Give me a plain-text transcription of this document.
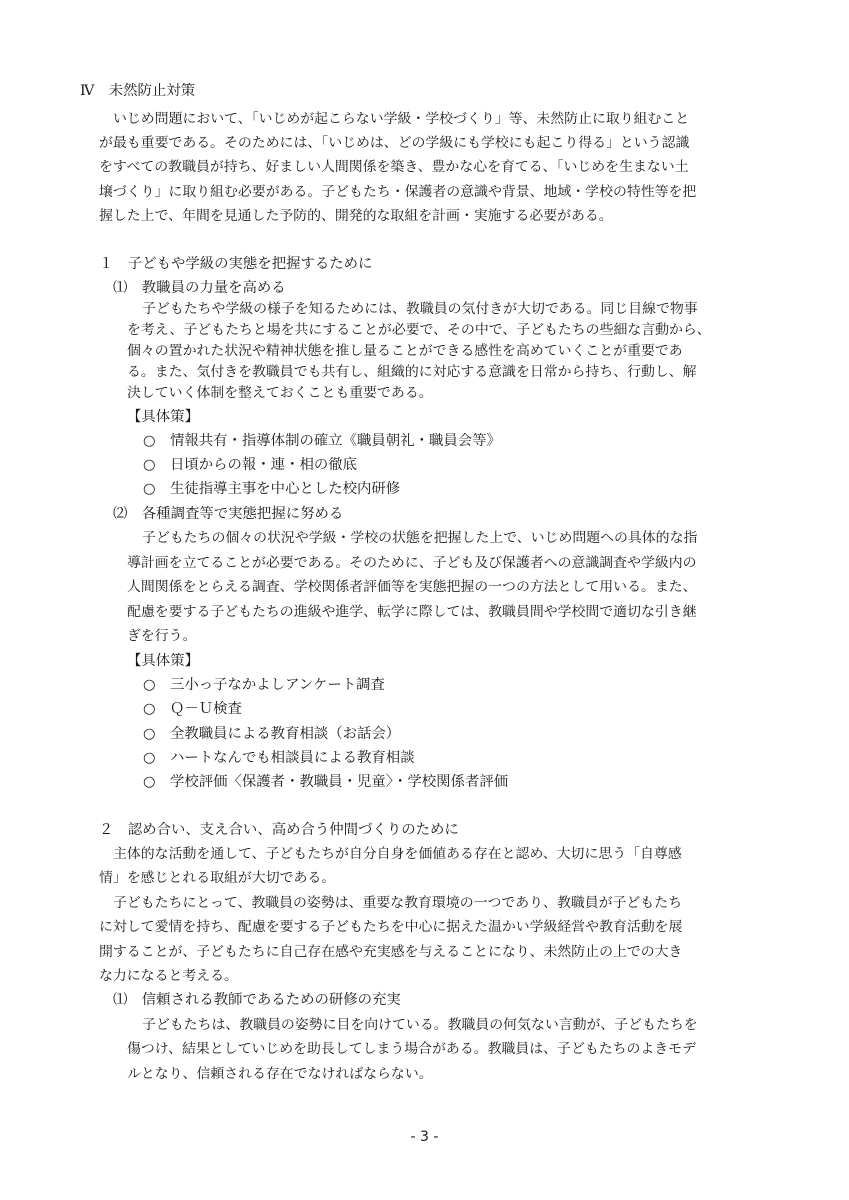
Ⅳ　未然防止対策

いじめ問題において、「いじめが起こらない学級・学校づくり」等、未然防止に取り組むこと

が最も重要である。そのためには、「いじめは、どの学級にも学校にも起こり得る」という認識

をすべての教職員が持ち、好ましい人間関係を築き、豊かな心を育てる、「いじめを生まない土

壌づくり」に取り組む必要がある。子どもたち・保護者の意識や背景、地域・学校の特性等を把

握した上で、年間を見通した予防的、開発的な取組を計画・実施する必要がある。

１　子どもや学級の実態を把握するために

⑴　教職員の力量を高める

子どもたちや学級の様子を知るためには、教職員の気付きが大切である。同じ目線で物事

を考え、子どもたちと場を共にすることが必要で、その中で、子どもたちの些細な言動から、

個々の置かれた状況や精神状態を推し量ることができる感性を高めていくことが重要であ

る。また、気付きを教職員でも共有し、組織的に対応する意識を日常から持ち、行動し、解

決していく体制を整えておくことも重要である。

【具体策】

○　情報共有・指導体制の確立《職員朝礼・職員会等》

○　日頃からの報・連・相の徹底

○　生徒指導主事を中心とした校内研修

⑵　各種調査等で実態把握に努める

子どもたちの個々の状況や学級・学校の状態を把握した上で、いじめ問題への具体的な指

導計画を立てることが必要である。そのために、子ども及び保護者への意識調査や学級内の

人間関係をとらえる調査、学校関係者評価等を実態把握の一つの方法として用いる。また、

配慮を要する子どもたちの進級や進学、転学に際しては、教職員間や学校間で適切な引き継

ぎを行う。

【具体策】

○　三小っ子なかよしアンケート調査

○　Ｑ－Ｕ検査

○　全教職員による教育相談（お話会）

○　ハートなんでも相談員による教育相談

○　学校評価〈保護者・教職員・児童〉・学校関係者評価

２　認め合い、支え合い、高め合う仲間づくりのために

主体的な活動を通して、子どもたちが自分自身を価値ある存在と認め、大切に思う「自尊感

情」を感じとれる取組が大切である。

子どもたちにとって、教職員の姿勢は、重要な教育環境の一つであり、教職員が子どもたち

に対して愛情を持ち、配慮を要する子どもたちを中心に据えた温かい学級経営や教育活動を展

開することが、子どもたちに自己存在感や充実感を与えることになり、未然防止の上での大き

な力になると考える。

⑴　信頼される教師であるための研修の充実

子どもたちは、教職員の姿勢に目を向けている。教職員の何気ない言動が、子どもたちを

傷つけ、結果としていじめを助長してしまう場合がある。教職員は、子どもたちのよきモデ

ルとなり、信頼される存在でなければならない。

- 3 -
